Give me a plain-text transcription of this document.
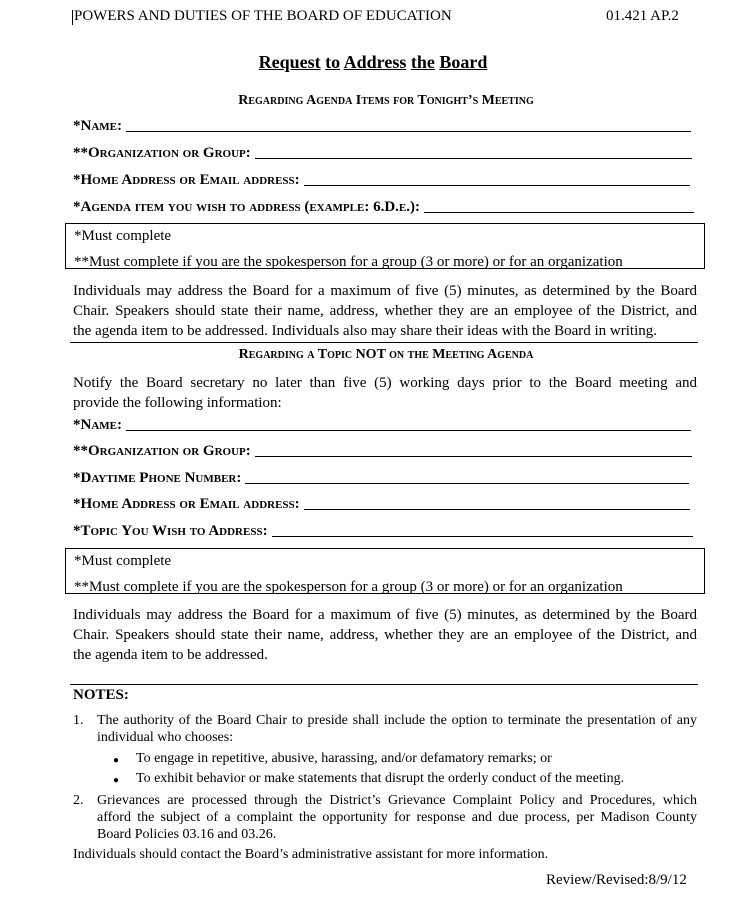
POWERS AND DUTIES OF THE BOARD OF EDUCATION	01.421 AP.2
Request to Address the Board
Regarding Agenda Items for Tonight’s Meeting
*Name:
**Organization or Group:
*Home Address or Email address:
*Agenda item you wish to address (example: 6.D.e.):
*Must complete
**Must complete if you are the spokesperson for a group (3 or more) or for an organization
Individuals may address the Board for a maximum of five (5) minutes, as determined by the Board
Chair. Speakers should state their name, address, whether they are an employee of the District, and
the agenda item to be addressed. Individuals also may share their ideas with the Board in writing.
Regarding a Topic NOT on the Meeting Agenda
Notify the Board secretary no later than five (5) working days prior to the Board meeting and
provide the following information:
*Name:
**Organization or Group:
*Daytime Phone Number:
*Home Address or Email address:
*Topic You Wish to Address:
*Must complete
**Must complete if you are the spokesperson for a group (3 or more) or for an organization
Individuals may address the Board for a maximum of five (5) minutes, as determined by the Board
Chair. Speakers should state their name, address, whether they are an employee of the District, and
the agenda item to be addressed.
NOTES:
1. The authority of the Board Chair to preside shall include the option to terminate the presentation of any
individual who chooses:
● To engage in repetitive, abusive, harassing, and/or defamatory remarks; or
● To exhibit behavior or make statements that disrupt the orderly conduct of the meeting.
2. Grievances are processed through the District’s Grievance Complaint Policy and Procedures, which
afford the subject of a complaint the opportunity for response and due process, per Madison County
Board Policies 03.16 and 03.26.
Individuals should contact the Board’s administrative assistant for more information.
Review/Revised:8/9/12
